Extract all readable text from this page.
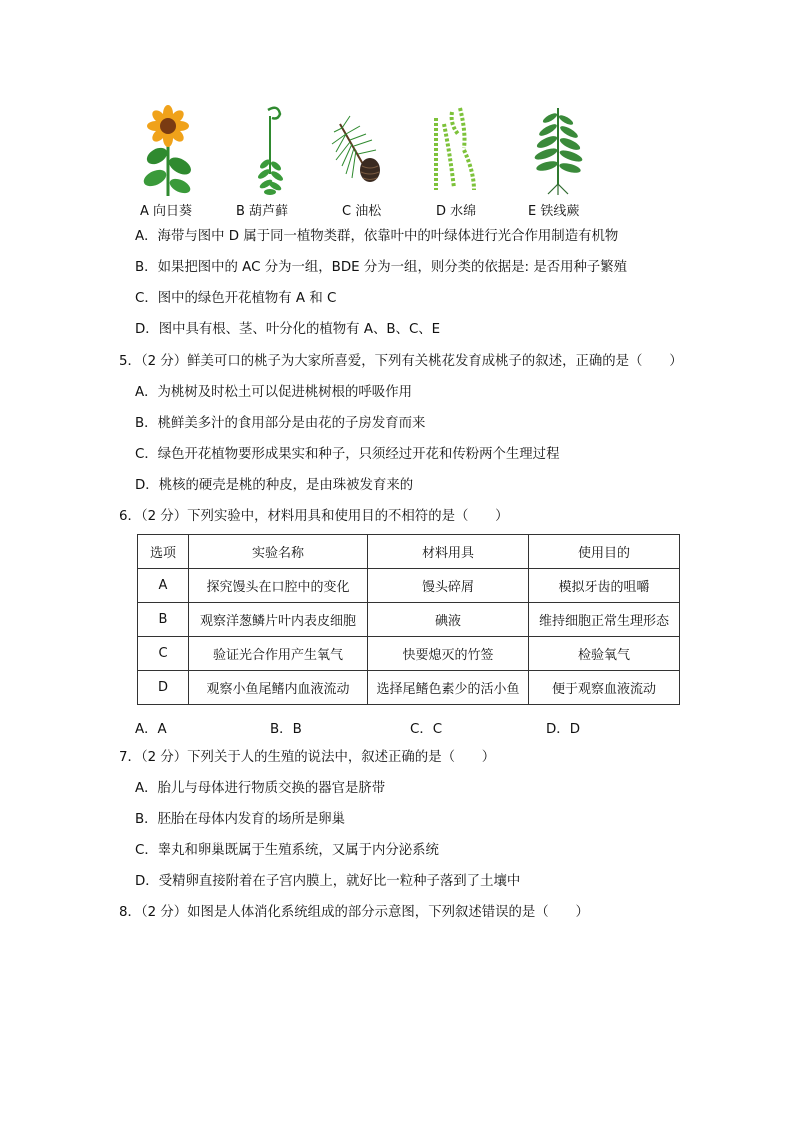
A 向日葵	B 葫芦藓	C 油松	D 水绵	E 铁线蕨
A．海带与图中 D 属于同一植物类群，依靠叶中的叶绿体进行光合作用制造有机物
B．如果把图中的 AC 分为一组，BDE 分为一组，则分类的依据是: 是否用种子繁殖
C．图中的绿色开花植物有 A 和 C
D．图中具有根、茎、叶分化的植物有 A、B、C、E
5．（2 分）鲜美可口的桃子为大家所喜爱，下列有关桃花发育成桃子的叙述，正确的是（　　）
A．为桃树及时松土可以促进桃树根的呼吸作用
B．桃鲜美多汁的食用部分是由花的子房发育而来
C．绿色开花植物要形成果实和种子，只须经过开花和传粉两个生理过程
D．桃核的硬壳是桃的种皮，是由珠被发育来的
6．（2 分）下列实验中，材料用具和使用目的不相符的是（　　）
选项	实验名称	材料用具	使用目的
A	探究馒头在口腔中的变化	馒头碎屑	模拟牙齿的咀嚼
B	观察洋葱鳞片叶内表皮细胞	碘液	维持细胞正常生理形态
C	验证光合作用产生氧气	快要熄灭的竹签	检验氧气
D	观察小鱼尾鳍内血液流动	选择尾鳍色素少的活小鱼	便于观察血液流动
A．A	B．B	C．C	D．D
7．（2 分）下列关于人的生殖的说法中，叙述正确的是（　　）
A．胎儿与母体进行物质交换的器官是脐带
B．胚胎在母体内发育的场所是卵巢
C．睾丸和卵巢既属于生殖系统，又属于内分泌系统
D．受精卵直接附着在子宫内膜上，就好比一粒种子落到了土壤中
8．（2 分）如图是人体消化系统组成的部分示意图，下列叙述错误的是（　　）
